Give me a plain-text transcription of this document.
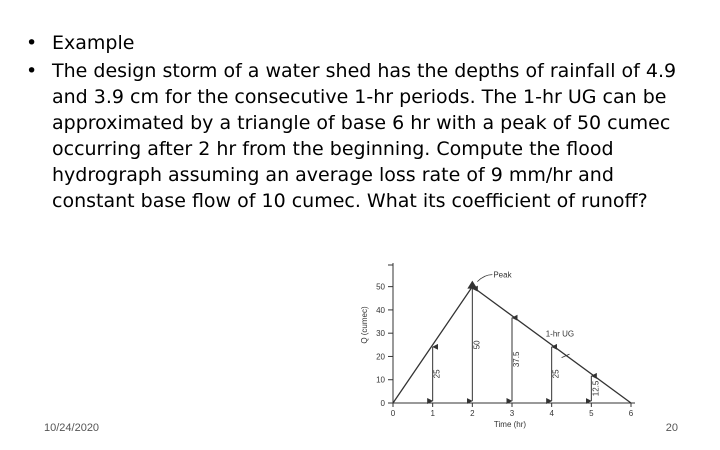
• Example
• The design storm of a water shed has the depths of rainfall of 4.9 and 3.9 cm for the consecutive 1-hr periods. The 1-hr UG can be approximated by a triangle of base 6 hr with a peak of 50 cumec occurring after 2 hr from the beginning. Compute the flood hydrograph assuming an average loss rate of 9 mm/hr and constant base flow of 10 cumec. What its coefficient of runoff?
0
10
20
30
40
50
0	1	2	3	4	5	6
Time (hr)
Q (cumec)
Peak
1-hr UG
25
50
37.5
25
12.5
10/24/2020	20
